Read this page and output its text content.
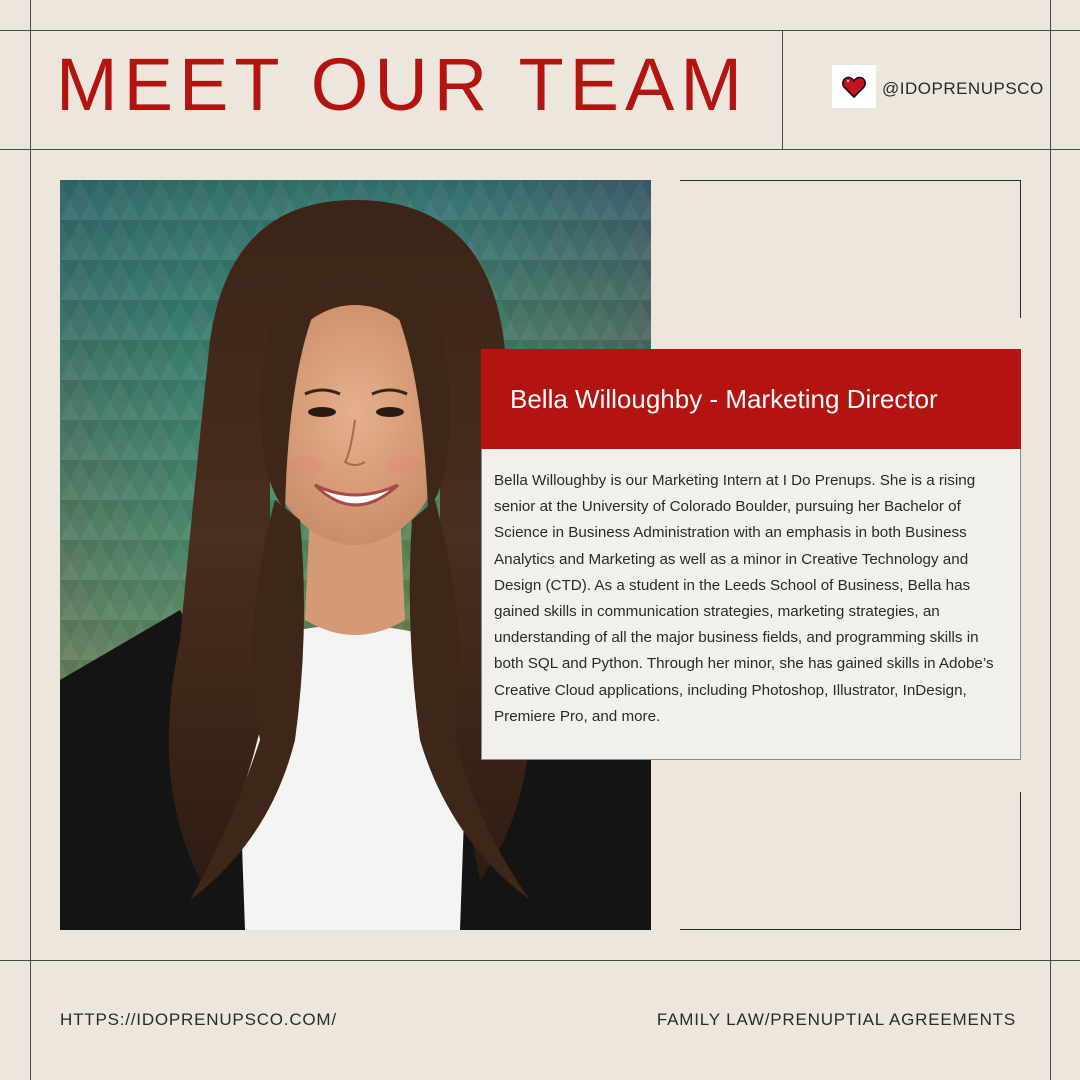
MEET OUR TEAM	@IDOPRENUPSCO
Bella Willoughby - Marketing Director
Bella Willoughby is our Marketing Intern at I Do Prenups. She is a rising senior at the University of Colorado Boulder, pursuing her Bachelor of Science in Business Administration with an emphasis in both Business Analytics and Marketing as well as a minor in Creative Technology and Design (CTD). As a student in the Leeds School of Business, Bella has gained skills in communication strategies, marketing strategies, an understanding of all the major business fields, and programming skills in both SQL and Python. Through her minor, she has gained skills in Adobe’s Creative Cloud applications, including Photoshop, Illustrator, InDesign, Premiere Pro, and more.
HTTPS://IDOPRENUPSCO.COM/	FAMILY LAW/PRENUPTIAL AGREEMENTS
